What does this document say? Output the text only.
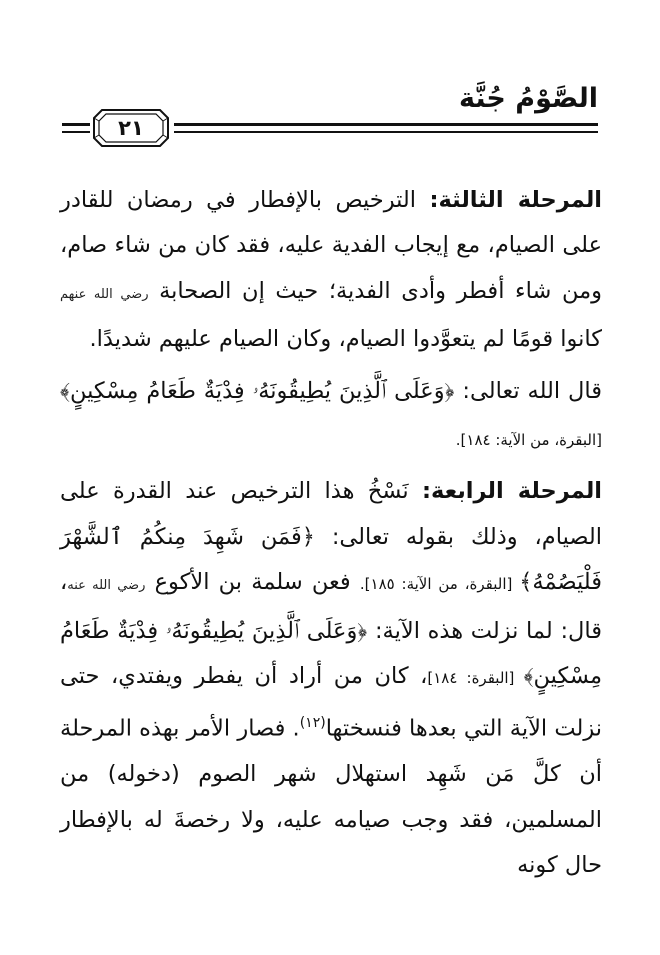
الصَّوْمُ جُنَّة
٢١

المرحلة الثالثة: الترخيص بالإفطار في رمضان للقادر على الصيام، مع إيجاب الفدية عليه، فقد كان من شاء صام، ومن شاء أفطر وأدى الفدية؛ حيث إن الصحابة رضي الله عنهم كانوا قومًا لم يتعوَّدوا الصيام، وكان الصيام عليهم شديدًا.

قال الله تعالى: ﴿وَعَلَى ٱلَّذِينَ يُطِيقُونَهُۥ فِدْيَةٌ طَعَامُ مِسْكِينٍ﴾ [البقرة، من الآية: ١٨٤].

المرحلة الرابعة: نَسْخُ هذا الترخيص عند القدرة على الصيام، وذلك بقوله تعالى: ﴿فَمَن شَهِدَ مِنكُمُ ٱلشَّهْرَ فَلْيَصُمْهُ﴾ [البقرة، من الآية: ١٨٥]. فعن سلمة بن الأكوع رضي الله عنه، قال: لما نزلت هذه الآية: ﴿وَعَلَى ٱلَّذِينَ يُطِيقُونَهُۥ فِدْيَةٌ طَعَامُ مِسْكِينٍ﴾ [البقرة: ١٨٤]، كان من أراد أن يفطر ويفتدي، حتى نزلت الآية التي بعدها فنسختها$^{(١٢)}$. فصار الأمر بهذه المرحلة أن كلَّ مَن شَهِد استهلال شهر الصوم (دخوله) من المسلمين، فقد وجب صيامه عليه، ولا رخصةَ له بالإفطار حال كونه
